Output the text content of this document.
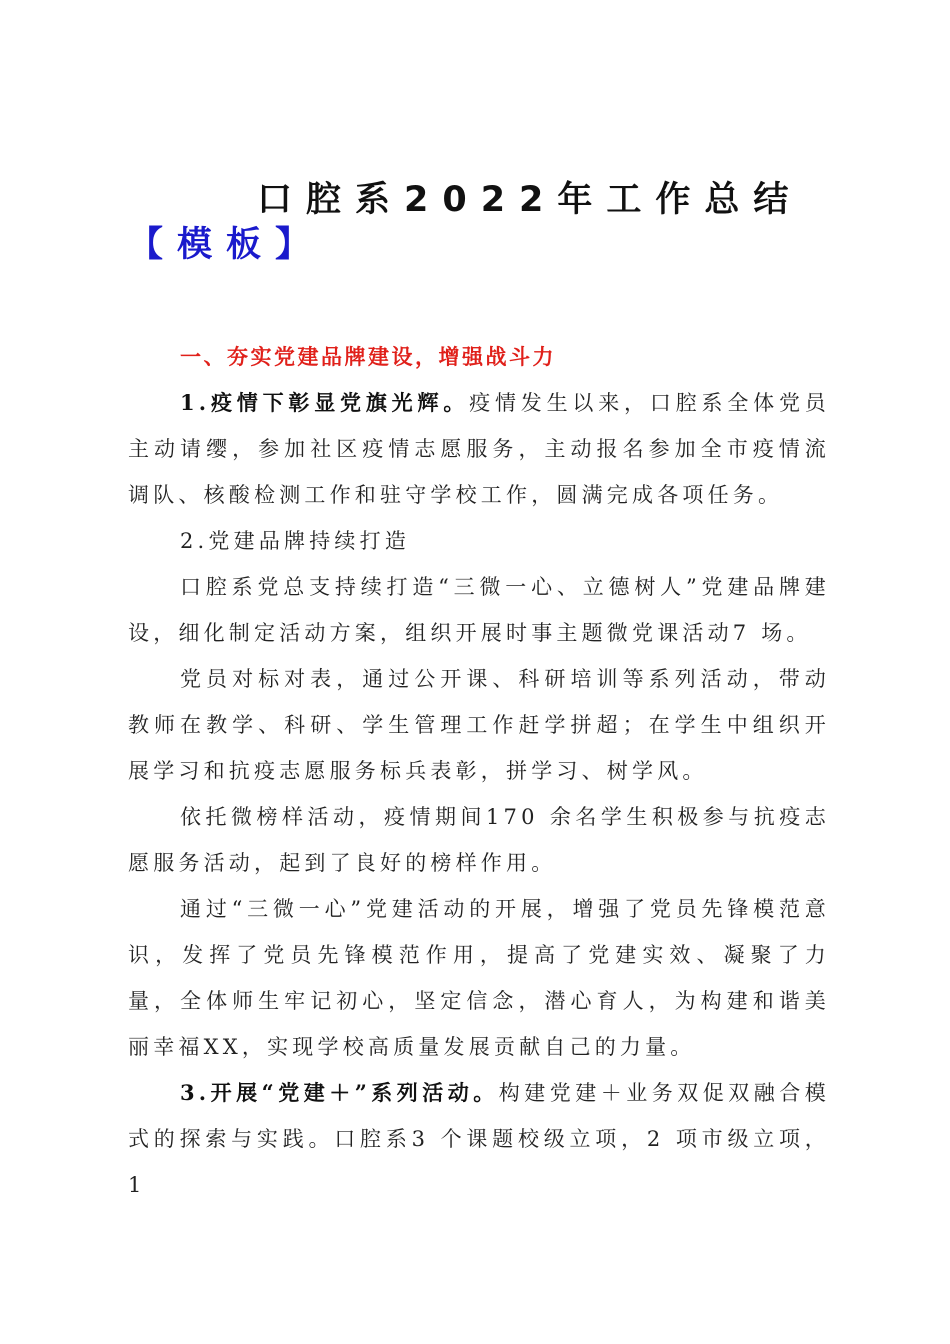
口腔系2022年工作总结 【模板】

一、夯实党建品牌建设，增强战斗力

1.疫情下彰显党旗光辉。疫情发生以来，口腔系全体党员主动请缨，参加社区疫情志愿服务，主动报名参加全市疫情流调队、核酸检测工作和驻守学校工作，圆满完成各项任务。

2.党建品牌持续打造

口腔系党总支持续打造“三微一心、立德树人”党建品牌建设，细化制定活动方案，组织开展时事主题微党课活动7 场。

党员对标对表，通过公开课、科研培训等系列活动，带动教师在教学、科研、学生管理工作赶学拼超；在学生中组织开展学习和抗疫志愿服务标兵表彰，拼学习、树学风。

依托微榜样活动，疫情期间170 余名学生积极参与抗疫志愿服务活动，起到了良好的榜样作用。

通过“三微一心”党建活动的开展，增强了党员先锋模范意识，发挥了党员先锋模范作用，提高了党建实效、凝聚了力量，全体师生牢记初心，坚定信念，潜心育人，为构建和谐美丽幸福XX，实现学校高质量发展贡献自己的力量。

3.开展“党建＋”系列活动。构建党建＋业务双促双融合模式的探索与实践。口腔系3 个课题校级立项，2 项市级立项，1
